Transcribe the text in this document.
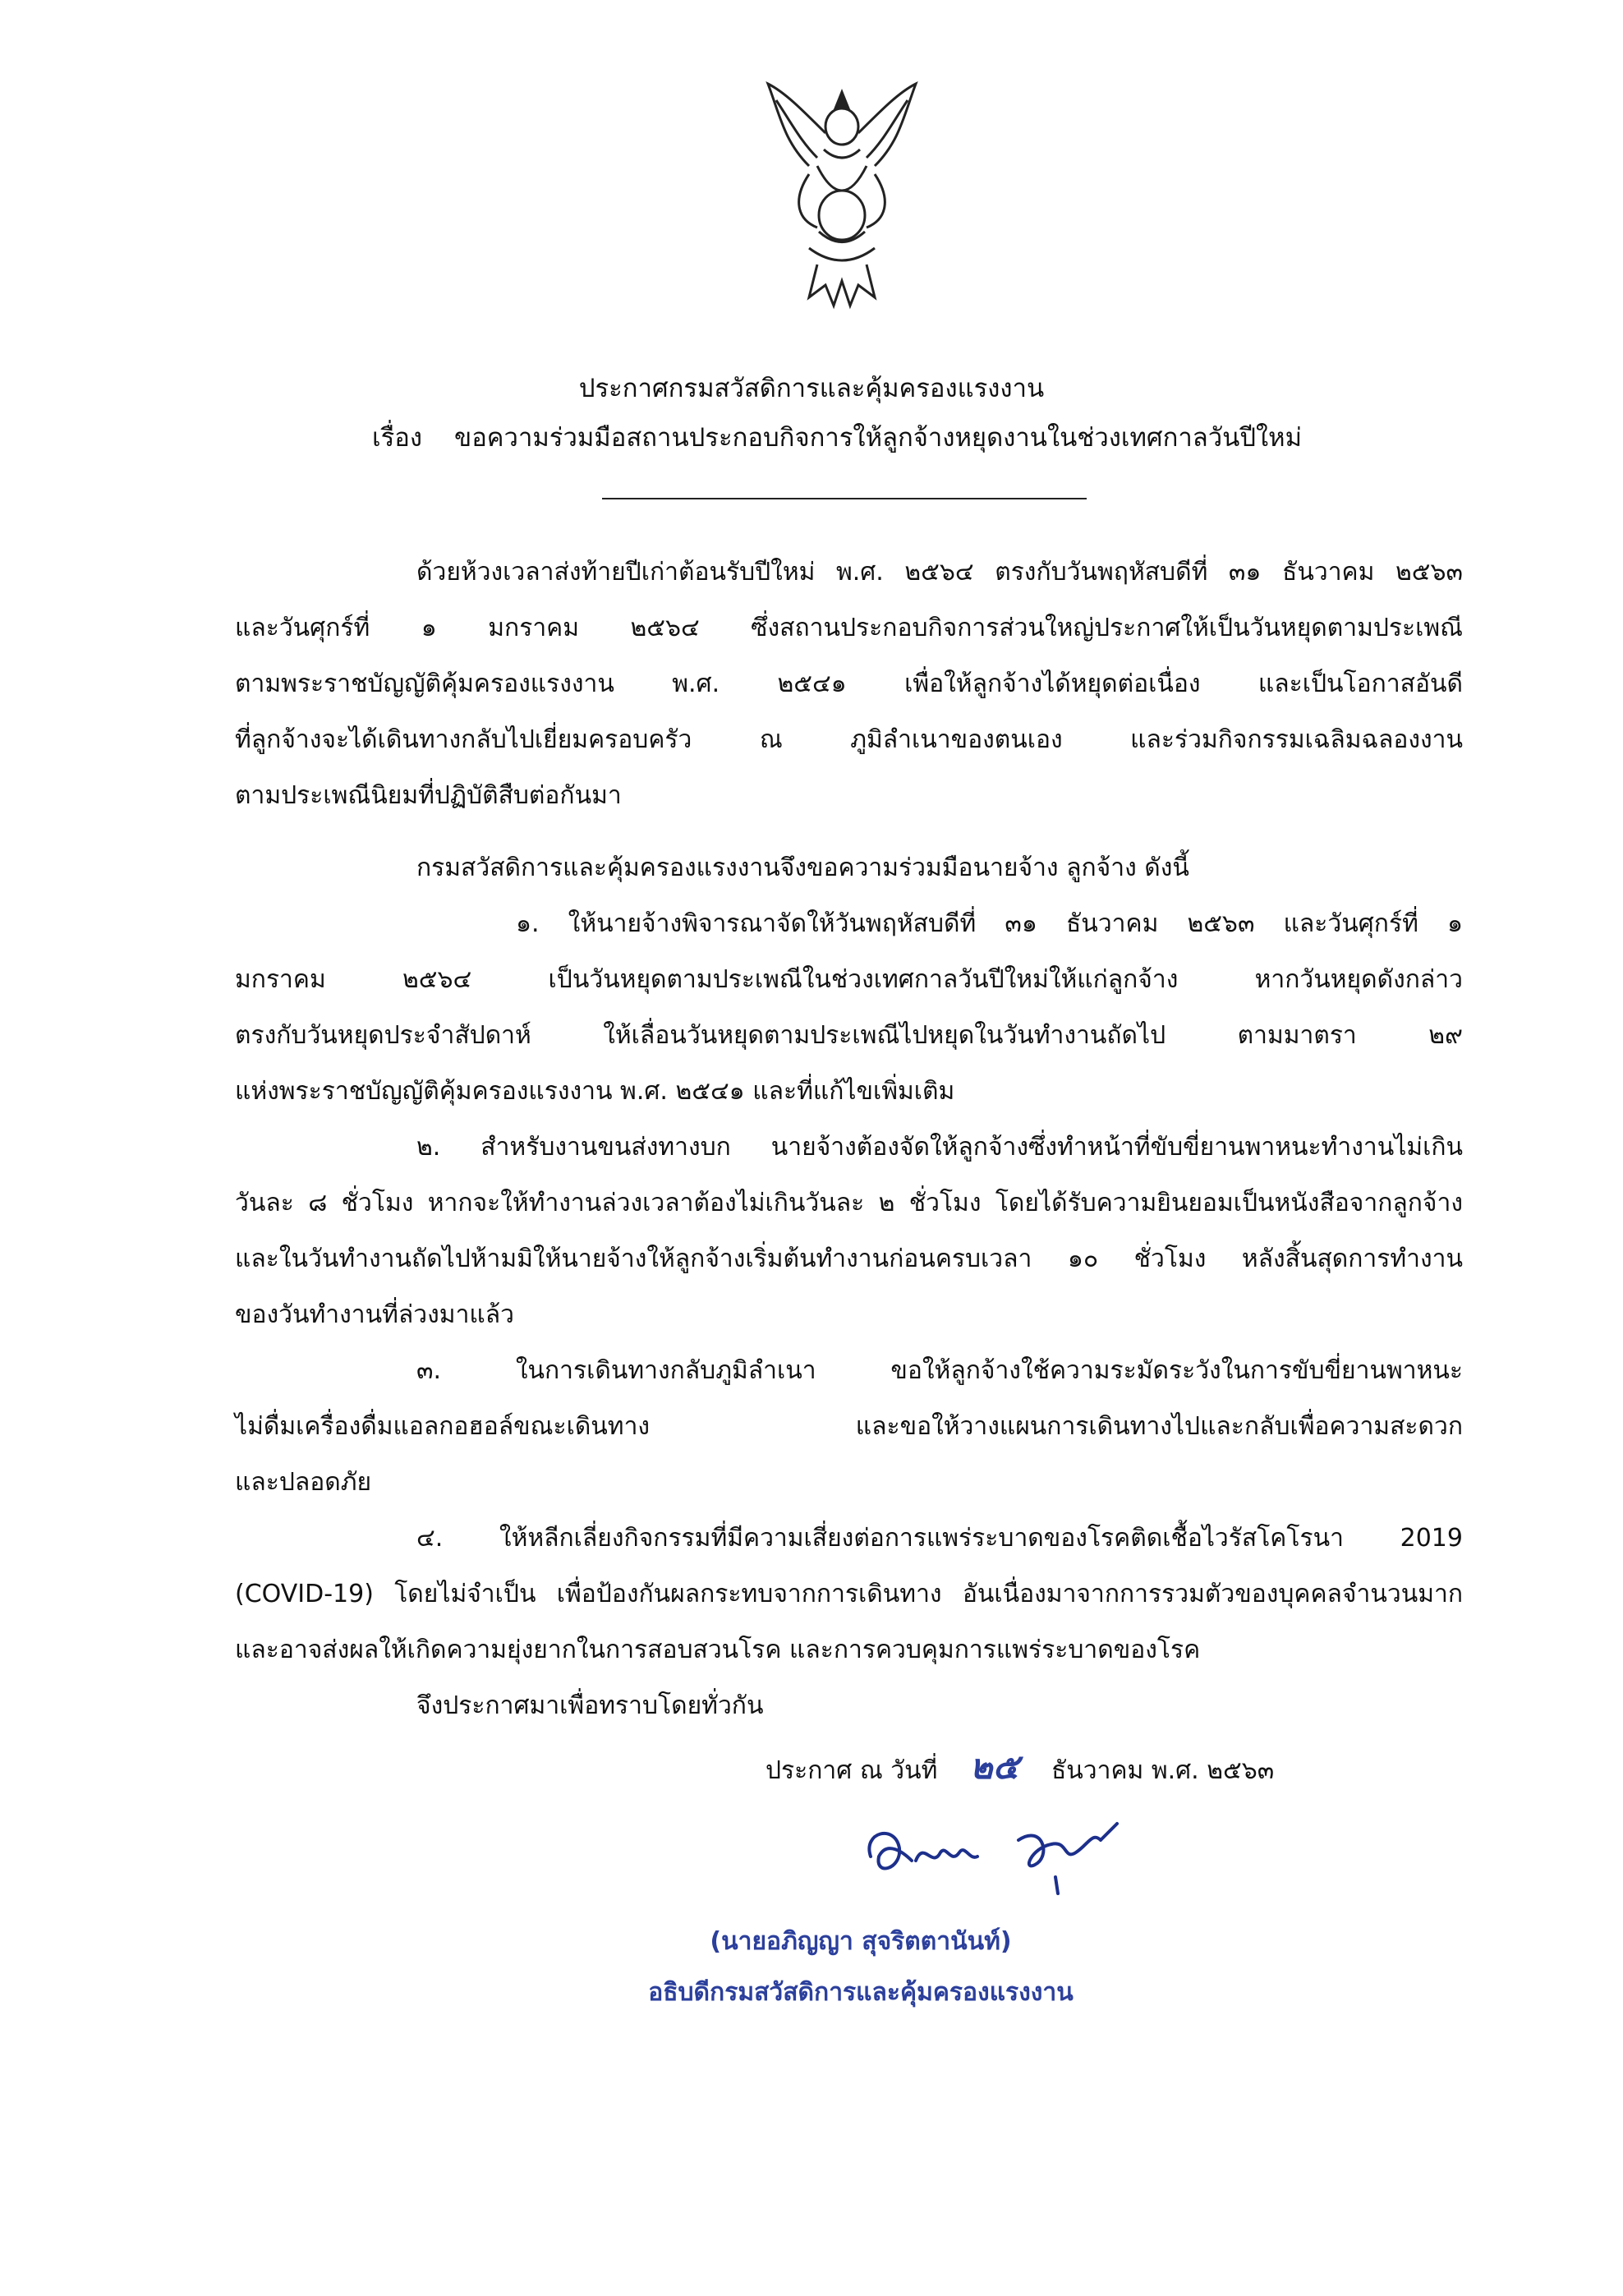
ประกาศกรมสวัสดิการและคุ้มครองแรงงาน
เรื่อง ขอความร่วมมือสถานประกอบกิจการให้ลูกจ้างหยุดงานในช่วงเทศกาลวันปีใหม่
ด้วยห้วงเวลาส่งท้ายปีเก่าต้อนรับปีใหม่ พ.ศ. ๒๕๖๔ ตรงกับวันพฤหัสบดีที่ ๓๑ ธันวาคม ๒๕๖๓
และวันศุกร์ที่ ๑ มกราคม ๒๕๖๔ ซึ่งสถานประกอบกิจการส่วนใหญ่ประกาศให้เป็นวันหยุดตามประเพณี
ตามพระราชบัญญัติคุ้มครองแรงงาน พ.ศ. ๒๕๔๑ เพื่อให้ลูกจ้างได้หยุดต่อเนื่อง และเป็นโอกาสอันดี
ที่ลูกจ้างจะได้เดินทางกลับไปเยี่ยมครอบครัว ณ ภูมิลำเนาของตนเอง และร่วมกิจกรรมเฉลิมฉลองงาน
ตามประเพณีนิยมที่ปฏิบัติสืบต่อกันมา
กรมสวัสดิการและคุ้มครองแรงงานจึงขอความร่วมมือนายจ้าง ลูกจ้าง ดังนี้
๑. ให้นายจ้างพิจารณาจัดให้วันพฤหัสบดีที่ ๓๑ ธันวาคม ๒๕๖๓ และวันศุกร์ที่ ๑
มกราคม ๒๕๖๔ เป็นวันหยุดตามประเพณีในช่วงเทศกาลวันปีใหม่ให้แก่ลูกจ้าง หากวันหยุดดังกล่าว
ตรงกับวันหยุดประจำสัปดาห์ ให้เลื่อนวันหยุดตามประเพณีไปหยุดในวันทำงานถัดไป ตามมาตรา ๒๙
แห่งพระราชบัญญัติคุ้มครองแรงงาน พ.ศ. ๒๕๔๑ และที่แก้ไขเพิ่มเติม
๒. สำหรับงานขนส่งทางบก นายจ้างต้องจัดให้ลูกจ้างซึ่งทำหน้าที่ขับขี่ยานพาหนะทำงานไม่เกิน
วันละ ๘ ชั่วโมง หากจะให้ทำงานล่วงเวลาต้องไม่เกินวันละ ๒ ชั่วโมง โดยได้รับความยินยอมเป็นหนังสือจากลูกจ้าง
และในวันทำงานถัดไปห้ามมิให้นายจ้างให้ลูกจ้างเริ่มต้นทำงานก่อนครบเวลา ๑๐ ชั่วโมง หลังสิ้นสุดการทำงาน
ของวันทำงานที่ล่วงมาแล้ว
๓. ในการเดินทางกลับภูมิลำเนา ขอให้ลูกจ้างใช้ความระมัดระวังในการขับขี่ยานพาหนะ
ไม่ดื่มเครื่องดื่มแอลกอฮอล์ขณะเดินทาง และขอให้วางแผนการเดินทางไปและกลับเพื่อความสะดวก
และปลอดภัย
๔. ให้หลีกเลี่ยงกิจกรรมที่มีความเสี่ยงต่อการแพร่ระบาดของโรคติดเชื้อไวรัสโคโรนา 2019
(COVID-19) โดยไม่จำเป็น เพื่อป้องกันผลกระทบจากการเดินทาง อันเนื่องมาจากการรวมตัวของบุคคลจำนวนมาก
และอาจส่งผลให้เกิดความยุ่งยากในการสอบสวนโรค และการควบคุมการแพร่ระบาดของโรค
จึงประกาศมาเพื่อทราบโดยทั่วกัน
ประกาศ ณ วันที่ ๒๕ ธันวาคม พ.ศ. ๒๕๖๓
(นายอภิญญา สุจริตตานันท์)
อธิบดีกรมสวัสดิการและคุ้มครองแรงงาน
